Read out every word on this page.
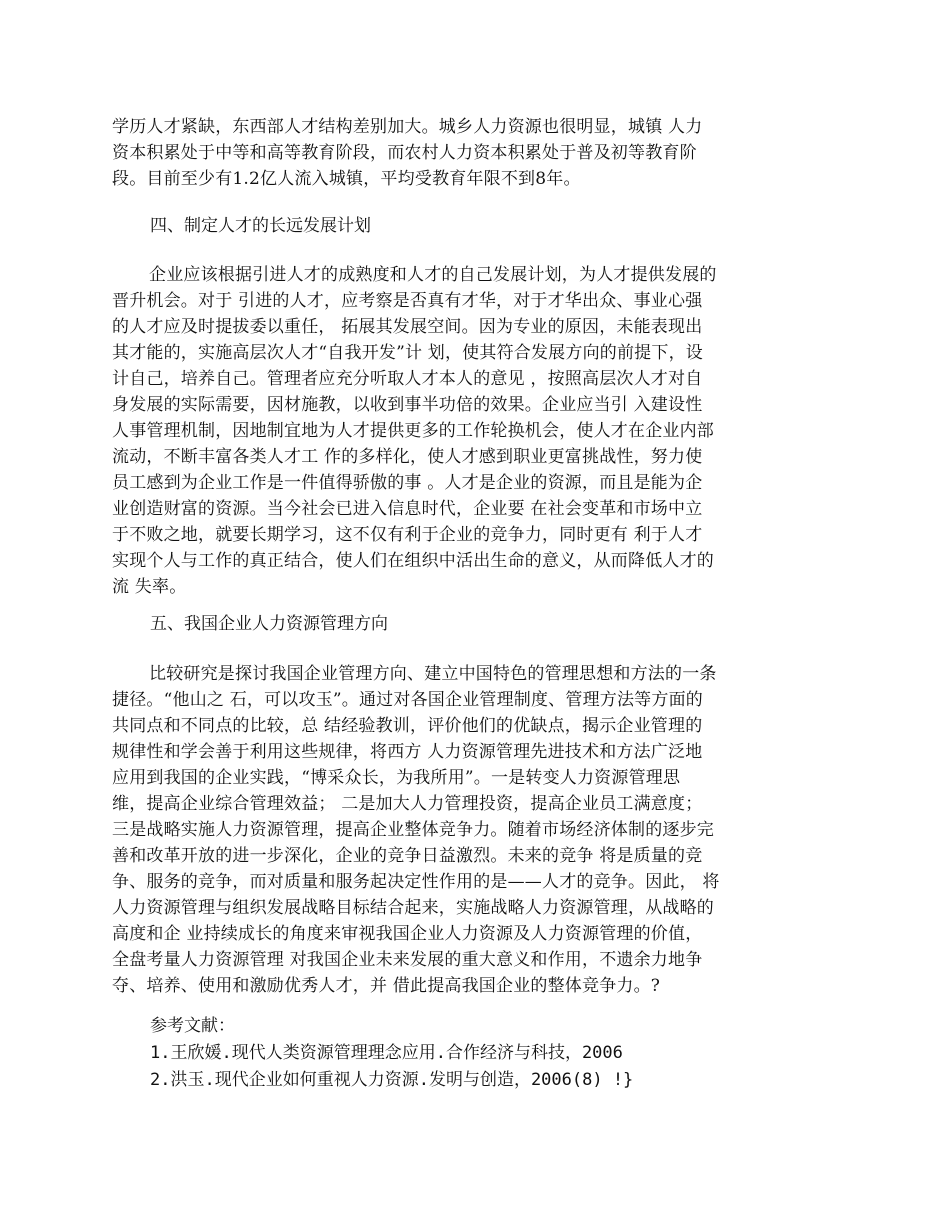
学历人才紧缺，东西部人才结构差别加大。城乡人力资源也很明显，城镇 人力
资本积累处于中等和高等教育阶段，而农村人力资本积累处于普及初等教育阶
段。目前至少有1.2亿人流入城镇，平均受教育年限不到8年。
四、制定人才的长远发展计划
企业应该根据引进人才的成熟度和人才的自己发展计划，为人才提供发展的
晋升机会。对于 引进的人才，应考察是否真有才华，对于才华出众、事业心强
的人才应及时提拔委以重任， 拓展其发展空间。因为专业的原因，未能表现出
其才能的，实施高层次人才“自我开发”计 划，使其符合发展方向的前提下，设
计自己，培养自己。管理者应充分听取人才本人的意见 ，按照高层次人才对自
身发展的实际需要，因材施教，以收到事半功倍的效果。企业应当引 入建设性
人事管理机制，因地制宜地为人才提供更多的工作轮换机会，使人才在企业内部
流动，不断丰富各类人才工 作的多样化，使人才感到职业更富挑战性，努力使
员工感到为企业工作是一件值得骄傲的事 。人才是企业的资源，而且是能为企
业创造财富的资源。当今社会已进入信息时代，企业要 在社会变革和市场中立
于不败之地，就要长期学习，这不仅有利于企业的竞争力，同时更有 利于人才
实现个人与工作的真正结合，使人们在组织中活出生命的意义，从而降低人才的
流 失率。
五、我国企业人力资源管理方向
比较研究是探讨我国企业管理方向、建立中国特色的管理思想和方法的一条
捷径。“他山之 石，可以攻玉”。通过对各国企业管理制度、管理方法等方面的
共同点和不同点的比较，总 结经验教训，评价他们的优缺点，揭示企业管理的
规律性和学会善于利用这些规律，将西方 人力资源管理先进技术和方法广泛地
应用到我国的企业实践，“博采众长，为我所用”。一是转变人力资源管理思
维，提高企业综合管理效益； 二是加大人力管理投资，提高企业员工满意度；
三是战略实施人力资源管理，提高企业整体竞争力。随着市场经济体制的逐步完
善和改革开放的进一步深化，企业的竞争日益激烈。未来的竞争 将是质量的竞
争、服务的竞争，而对质量和服务起决定性作用的是——人才的竞争。因此， 将
人力资源管理与组织发展战略目标结合起来，实施战略人力资源管理，从战略的
高度和企 业持续成长的角度来审视我国企业人力资源及人力资源管理的价值，
全盘考量人力资源管理 对我国企业未来发展的重大意义和作用，不遗余力地争
夺、培养、使用和激励优秀人才，并 借此提高我国企业的整体竞争力。?
参考文献：
1.王欣媛.现代人类资源管理理念应用.合作经济与科技，2006
2.洪玉.现代企业如何重视人力资源.发明与创造，2006(8) !}
